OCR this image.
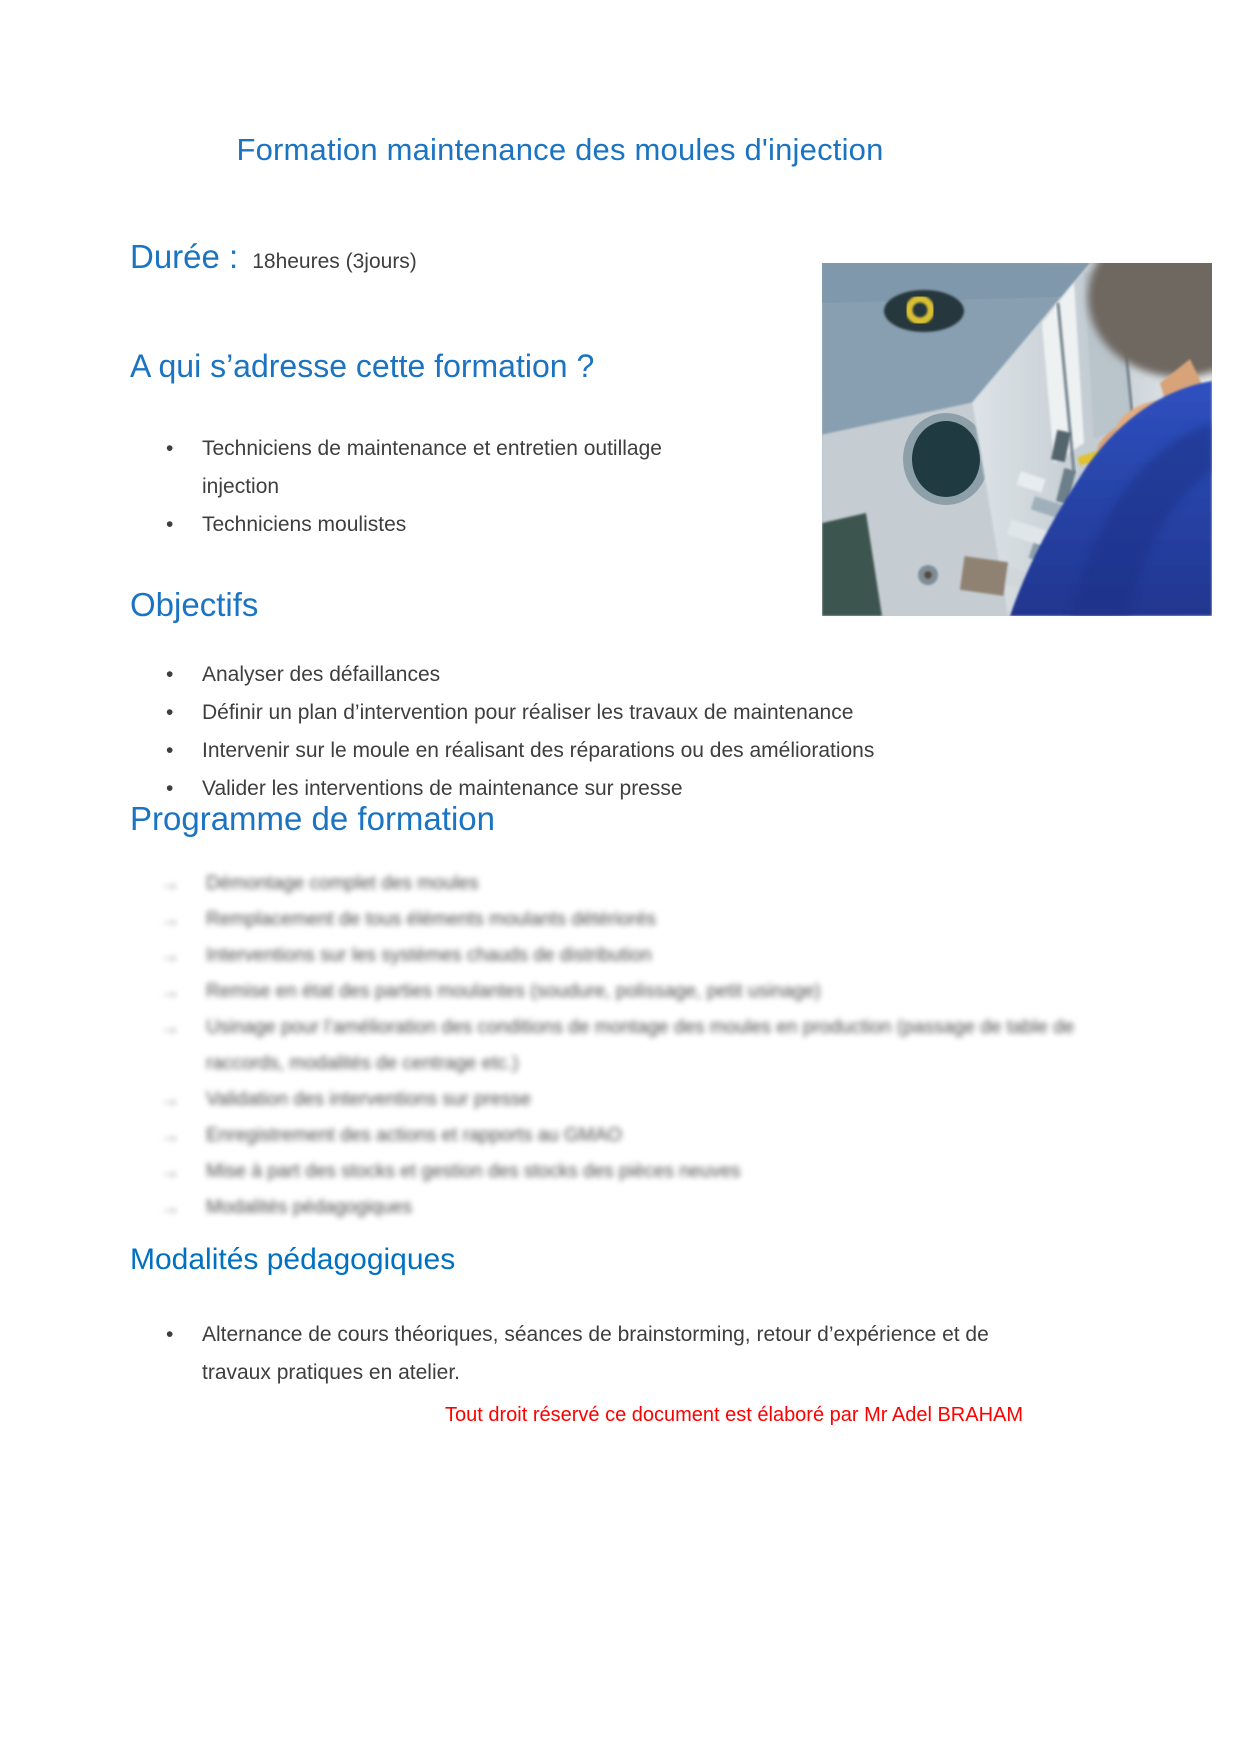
Formation maintenance des moules d'injection
Durée : 18heures (3jours)
A qui s’adresse cette formation ?
• Techniciens de maintenance et entretien outillage injection
• Techniciens moulistes
Objectifs
• Analyser des défaillances
• Définir un plan d’intervention pour réaliser les travaux de maintenance
• Intervenir sur le moule en réalisant des réparations ou des améliorations
• Valider les interventions de maintenance sur presse
Programme de formation
→ Démontage complet des moules
→ Remplacement de tous éléments moulants détériorés
→ Interventions sur les systèmes chauds de distribution
→ Remise en état des parties moulantes (soudure, polissage, petit usinage)
→ Usinage pour l’amélioration des conditions de montage des moules en production (passage de table de raccords, modalités de centrage etc.)
→ Validation des interventions sur presse
→ Enregistrement des actions et rapports au GMAO
→ Mise à part des stocks et gestion des stocks des pièces neuves
→ Modalités pédagogiques
Modalités pédagogiques
• Alternance de cours théoriques, séances de brainstorming, retour d’expérience et de travaux pratiques en atelier.
Tout droit réservé ce document est élaboré par Mr Adel BRAHAM
